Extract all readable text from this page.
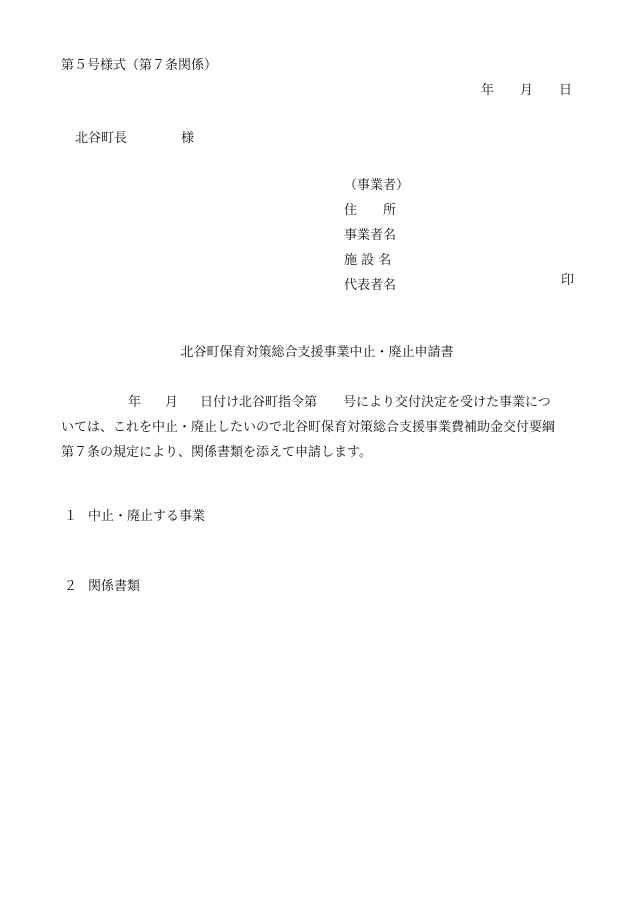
第５号様式（第７条関係）
年 月 日
北谷町長	様
（事業者）
住　　所
事業者名
施 設 名
代表者名	印
北谷町保育対策総合支援事業中止・廃止申請書
年 月 日付け北谷町指令第 号により交付決定を受けた事業につ
いては、これを中止・廃止したいので北谷町保育対策総合支援事業費補助金交付要綱
第７条の規定により、関係書類を添えて申請します。
１ 中止・廃止する事業
２ 関係書類
